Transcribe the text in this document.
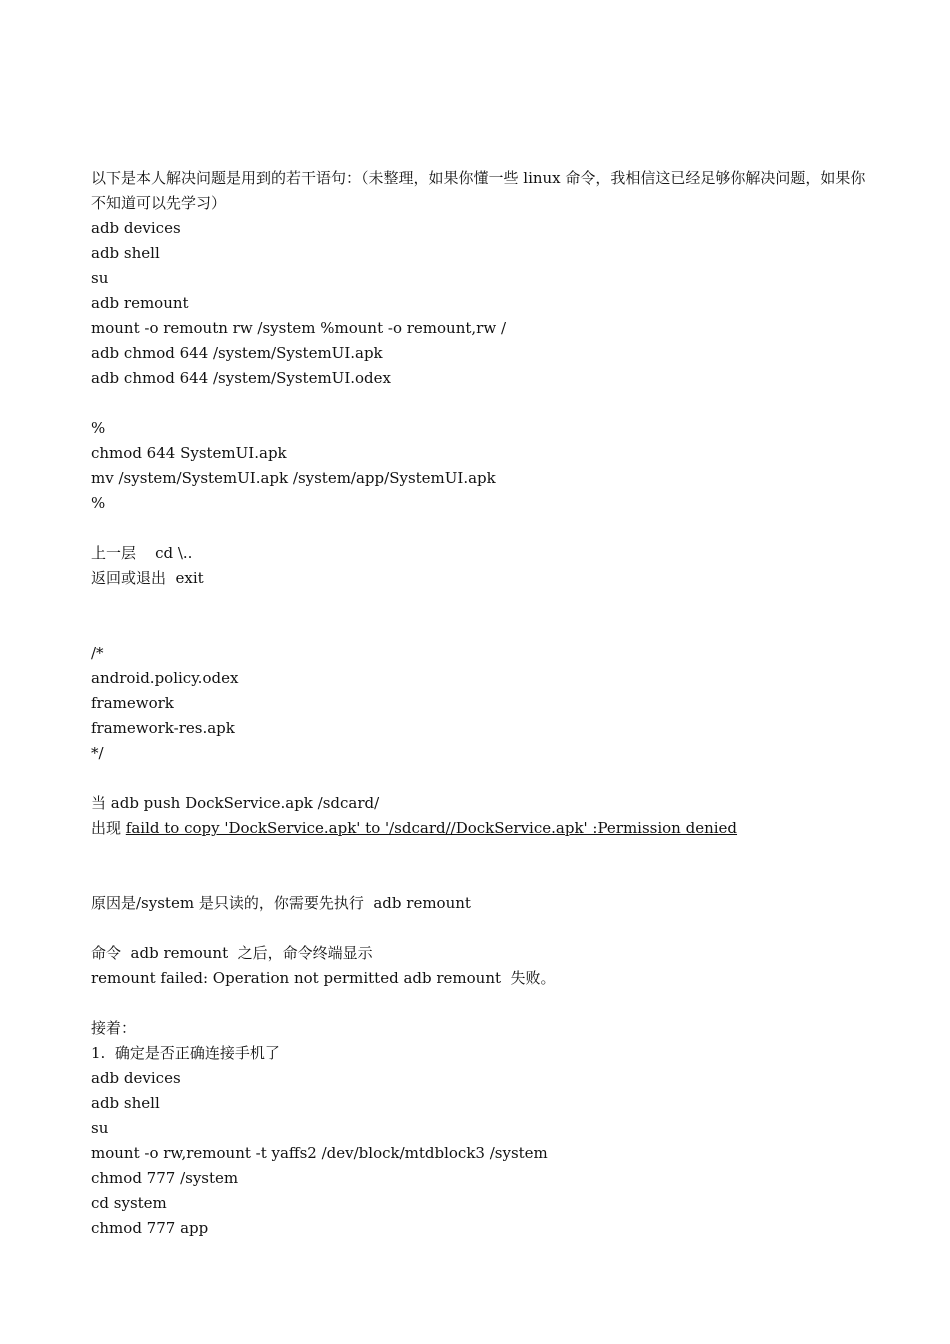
以下是本人解决问题是用到的若干语句：（未整理，如果你懂一些 linux 命令，我相信这已经足够你解决问题，如果你不知道可以先学习）
adb devices
adb shell
su
adb remount
mount -o remoutn rw /system %mount -o remount,rw /
adb chmod 644 /system/SystemUI.apk
adb chmod 644 /system/SystemUI.odex
%
chmod 644 SystemUI.apk
mv /system/SystemUI.apk /system/app/SystemUI.apk
%
上一层    cd \..
返回或退出  exit
/*
android.policy.odex
framework
framework-res.apk
*/
当 adb push DockService.apk /sdcard/
出现 faild to copy 'DockService.apk' to '/sdcard//DockService.apk' :Permission denied
原因是/system 是只读的，你需要先执行  adb remount
命令  adb remount  之后，命令终端显示
remount failed: Operation not permitted adb remount  失败。
接着：
1.  确定是否正确连接手机了
adb devices
adb shell
su
mount -o rw,remount -t yaffs2 /dev/block/mtdblock3 /system
chmod 777 /system
cd system
chmod 777 app
